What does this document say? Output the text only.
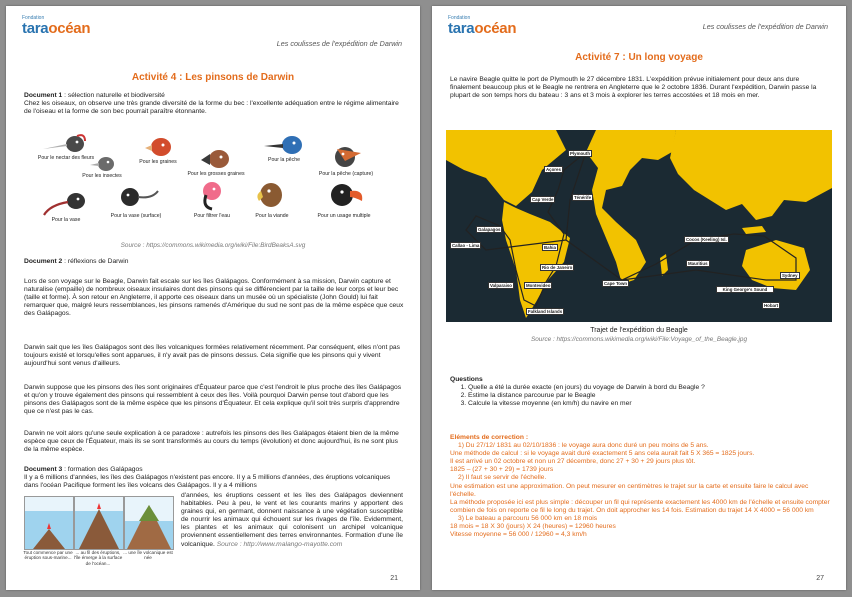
Fondation
taraocéan
Les coulisses de l'expédition de Darwin
Activité 4 : Les pinsons de Darwin

Document 1 : sélection naturelle et biodiversité

Chez les oiseaux, on observe une très grande diversité de la forme du bec : l'excellente adéquation entre le régime alimentaire de l'oiseau et la forme de son bec pourrait paraître étonnante.

Pour le nectar des fleurs
Pour les insectes
Pour les graines
Pour les grosses graines
Pour la pêche
Pour la pêche (capture)
Pour la vase
Pour la vase (surface)	Pour filtrer l'eau	Pour la viande	Pour un usage multiple
Source : https://commons.wikimedia.org/wiki/File:BirdBeaksA.svg

Document 2 : réflexions de Darwin

Lors de son voyage sur le Beagle, Darwin fait escale sur les îles Galápagos. Conformément à sa mission, Darwin capture et naturalise (empaille) de nombreux oiseaux insulaires dont des pinsons qui se différencient par la taille de leur corps et leur bec (taille et forme). À son retour en Angleterre, il apporte ces oiseaux dans un musée où un spécialiste (John Gould) lui fait remarquer que, malgré leurs ressemblances, les pinsons ramenés d'Amérique du sud ne sont pas de la même espèce que ceux des Galápagos.
Darwin sait que les îles Galápagos sont des îles volcaniques formées relativement récemment. Par conséquent, elles n'ont pas toujours existé et lorsqu'elles sont apparues, il n'y avait pas de pinsons dessus. Cela signifie que les pinsons qui y vivent aujourd'hui sont venus d'ailleurs.
Darwin suppose que les pinsons des îles sont originaires d'Équateur parce que c'est l'endroit le plus proche des îles Galápagos et qu'on y trouve également des pinsons qui ressemblent à ceux des îles. Voilà pourquoi Darwin pense tout d'abord que les pinsons des Galápagos sont de la même espèce que les pinsons d'Équateur. Et cela explique qu'il soit très surpris d'apprendre que ce n'est pas le cas.
Darwin ne voit alors qu'une seule explication à ce paradoxe : autrefois les pinsons des îles Galápagos étaient bien de la même espèce que ceux de l'Équateur, mais ils se sont transformés au cours du temps (évolution) et donc aujourd'hui, ils ne sont plus de la même espèce.

Document 3 : formation des Galápagos

Il y a 6 millions d'années, les îles des Galápagos n'existent pas encore. Il y a 5 millions d'années, des éruptions volcaniques dans l'océan Pacifique forment les îles volcans des Galápagos. Il y a 4 millions

Tout commence par une éruption sous-marine...
... au fil des éruptions, l'île émerge à la surface de l'océan...
... une île volcanique est née
d'années, les éruptions cessent et les îles des Galápagos deviennent habitables. Peu à peu, le vent et les courants marins y apportent des graines qui, en germant, donnent naissance à une végétation susceptible de nourrir les animaux qui échouent sur les rivages de l'île. Evidemment, les plantes et les animaux qui colonisent un archipel volcanique proviennent essentiellement des terres environnantes. Formation d'une île volcanique. Source : http://www.malango-mayotte.com
21
Fondation
taraocéan	Les coulisses de l'expédition de Darwin
Activité 7 : Un long voyage
Le navire Beagle quitte le port de Plymouth le 27 décembre 1831. L'expédition prévue initialement pour deux ans dure finalement beaucoup plus et le Beagle ne rentrera en Angleterre que le 2 octobre 1836. Durant l'expédition, Darwin passe la plupart de son temps hors du bateau : 3 ans et 3 mois à explorer les terres accostées et 18 mois en mer.
Plymouth
Açores
Ténérife
Cap Verde
Galapagos
Callao - Lima	Bahia
Rio de Janeiro
Valparaiso	Montevideo
Falkland Islands
Cape Town
Cocos (Keeling) Isl.
Mauritius
Sydney
King George's Sound
Hobart
Trajet de l'expédition du Beagle
Source : https://commons.wikimedia.org/wiki/File:Voyage_of_the_Beagle.jpg

Questions

1. Quelle a été la durée exacte (en jours) du voyage de Darwin à bord du Beagle ?
2. Estime la distance parcourue par le Beagle
3. Calcule la vitesse moyenne (en km/h) du navire en mer

Eléments de correction :

1) Du 27/12/ 1831 au 02/10/1836 : le voyage aura donc duré un peu moins de 5 ans.

Une méthode de calcul : si le voyage avait duré exactement 5 ans cela aurait fait 5 X 365 = 1825 jours.

Il est arrivé un 02 octobre et non un 27 décembre, donc 27 + 30 + 29 jours plus tôt.

1825 – (27 + 30 + 29) = 1739 jours

2) Il faut se servir de l'échelle.

Une estimation est une approximation. On peut mesurer en centimètres le trajet sur la carte et ensuite faire le calcul avec l'échelle.

La méthode proposée ici est plus simple : découper un fil qui représente exactement les 4000 km de l'échelle et ensuite compter combien de fois on reporte ce fil le long du trajet. On doit approcher les 14 fois. Estimation du trajet 14 X 4000 = 56 000 km

3) Le bateau a parcouru 56 000 km en 18 mois

18 mois = 18 X 30 (jours) X 24 (heures) = 12960 heures

Vitesse moyenne = 56 000 / 12960 = 4,3 km/h

27
